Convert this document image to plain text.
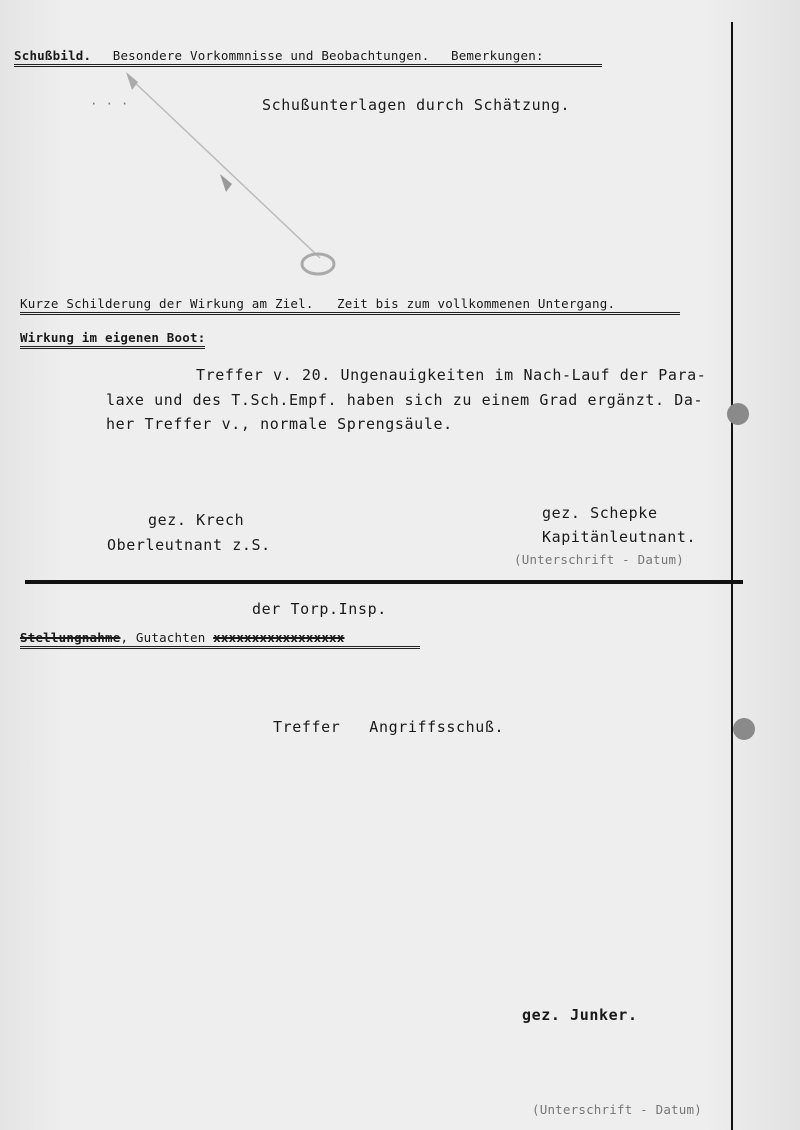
Schußbild. Besondere Vorkommnisse und Beobachtungen. Bemerkungen:
· · ·	Schußunterlagen durch Schätzung.
Kurze Schilderung der Wirkung am Ziel. Zeit bis zum vollkommenen Untergang.
Wirkung im eigenen Boot:
Treffer v. 20. Ungenauigkeiten im Nach-Lauf der Para-
laxe und des T.Sch.Empf. haben sich zu einem Grad ergänzt. Da-
her Treffer v., normale Sprengsäule.
gez. Krech
Oberleutnant z.S.
gez. Schepke
Kapitänleutnant.
(Unterschrift - Datum)
der Torp.Insp.
Stellungnahme, Gutachten xxxxxxxxxxxxxxxxx
Treffer   Angriffsschuß.
gez. Junker.
(Unterschrift - Datum)
